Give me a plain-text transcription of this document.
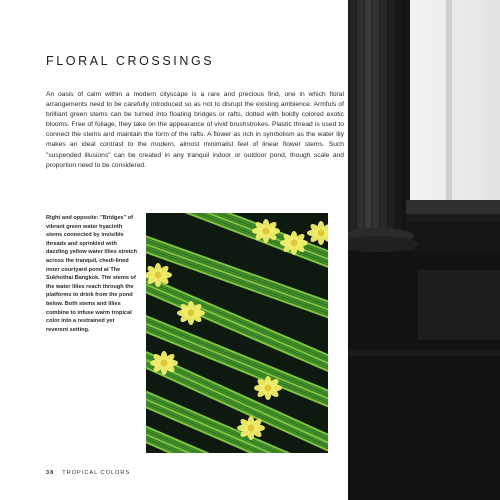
FLORAL CROSSINGS

An oasis of calm within a modern cityscape is a rare and precious find, one in which floral arrangements need to be carefully introduced so as not to disrupt the existing ambience. Armfuls of brilliant green stems can be turned into floating bridges or rafts, dotted with boldly colored exotic blooms. Free of foliage, they take on the appearance of vivid brushstrokes. Plastic thread is used to connect the stems and maintain the form of the rafts. A flower as rich in symbolism as the water lily makes an ideal contrast to the modern, almost minimalist feel of linear flower stems. Such "suspended illusions" can be created in any tranquil indoor or outdoor pond, though scale and proportion need to be considered.

Right and opposite: "Bridges" of vibrant green water hyacinth stems connected by invisible threads and sprinkled with dazzling yellow water lilies stretch across the tranquil, chedi-lined inner courtyard pond at The Sukhothai Bangkok. The stems of the water lilies reach through the platforms to drink from the pond below. Both stems and lilies combine to infuse warm tropical color into a restrained yet reverent setting.

38 TROPICAL COLORS
